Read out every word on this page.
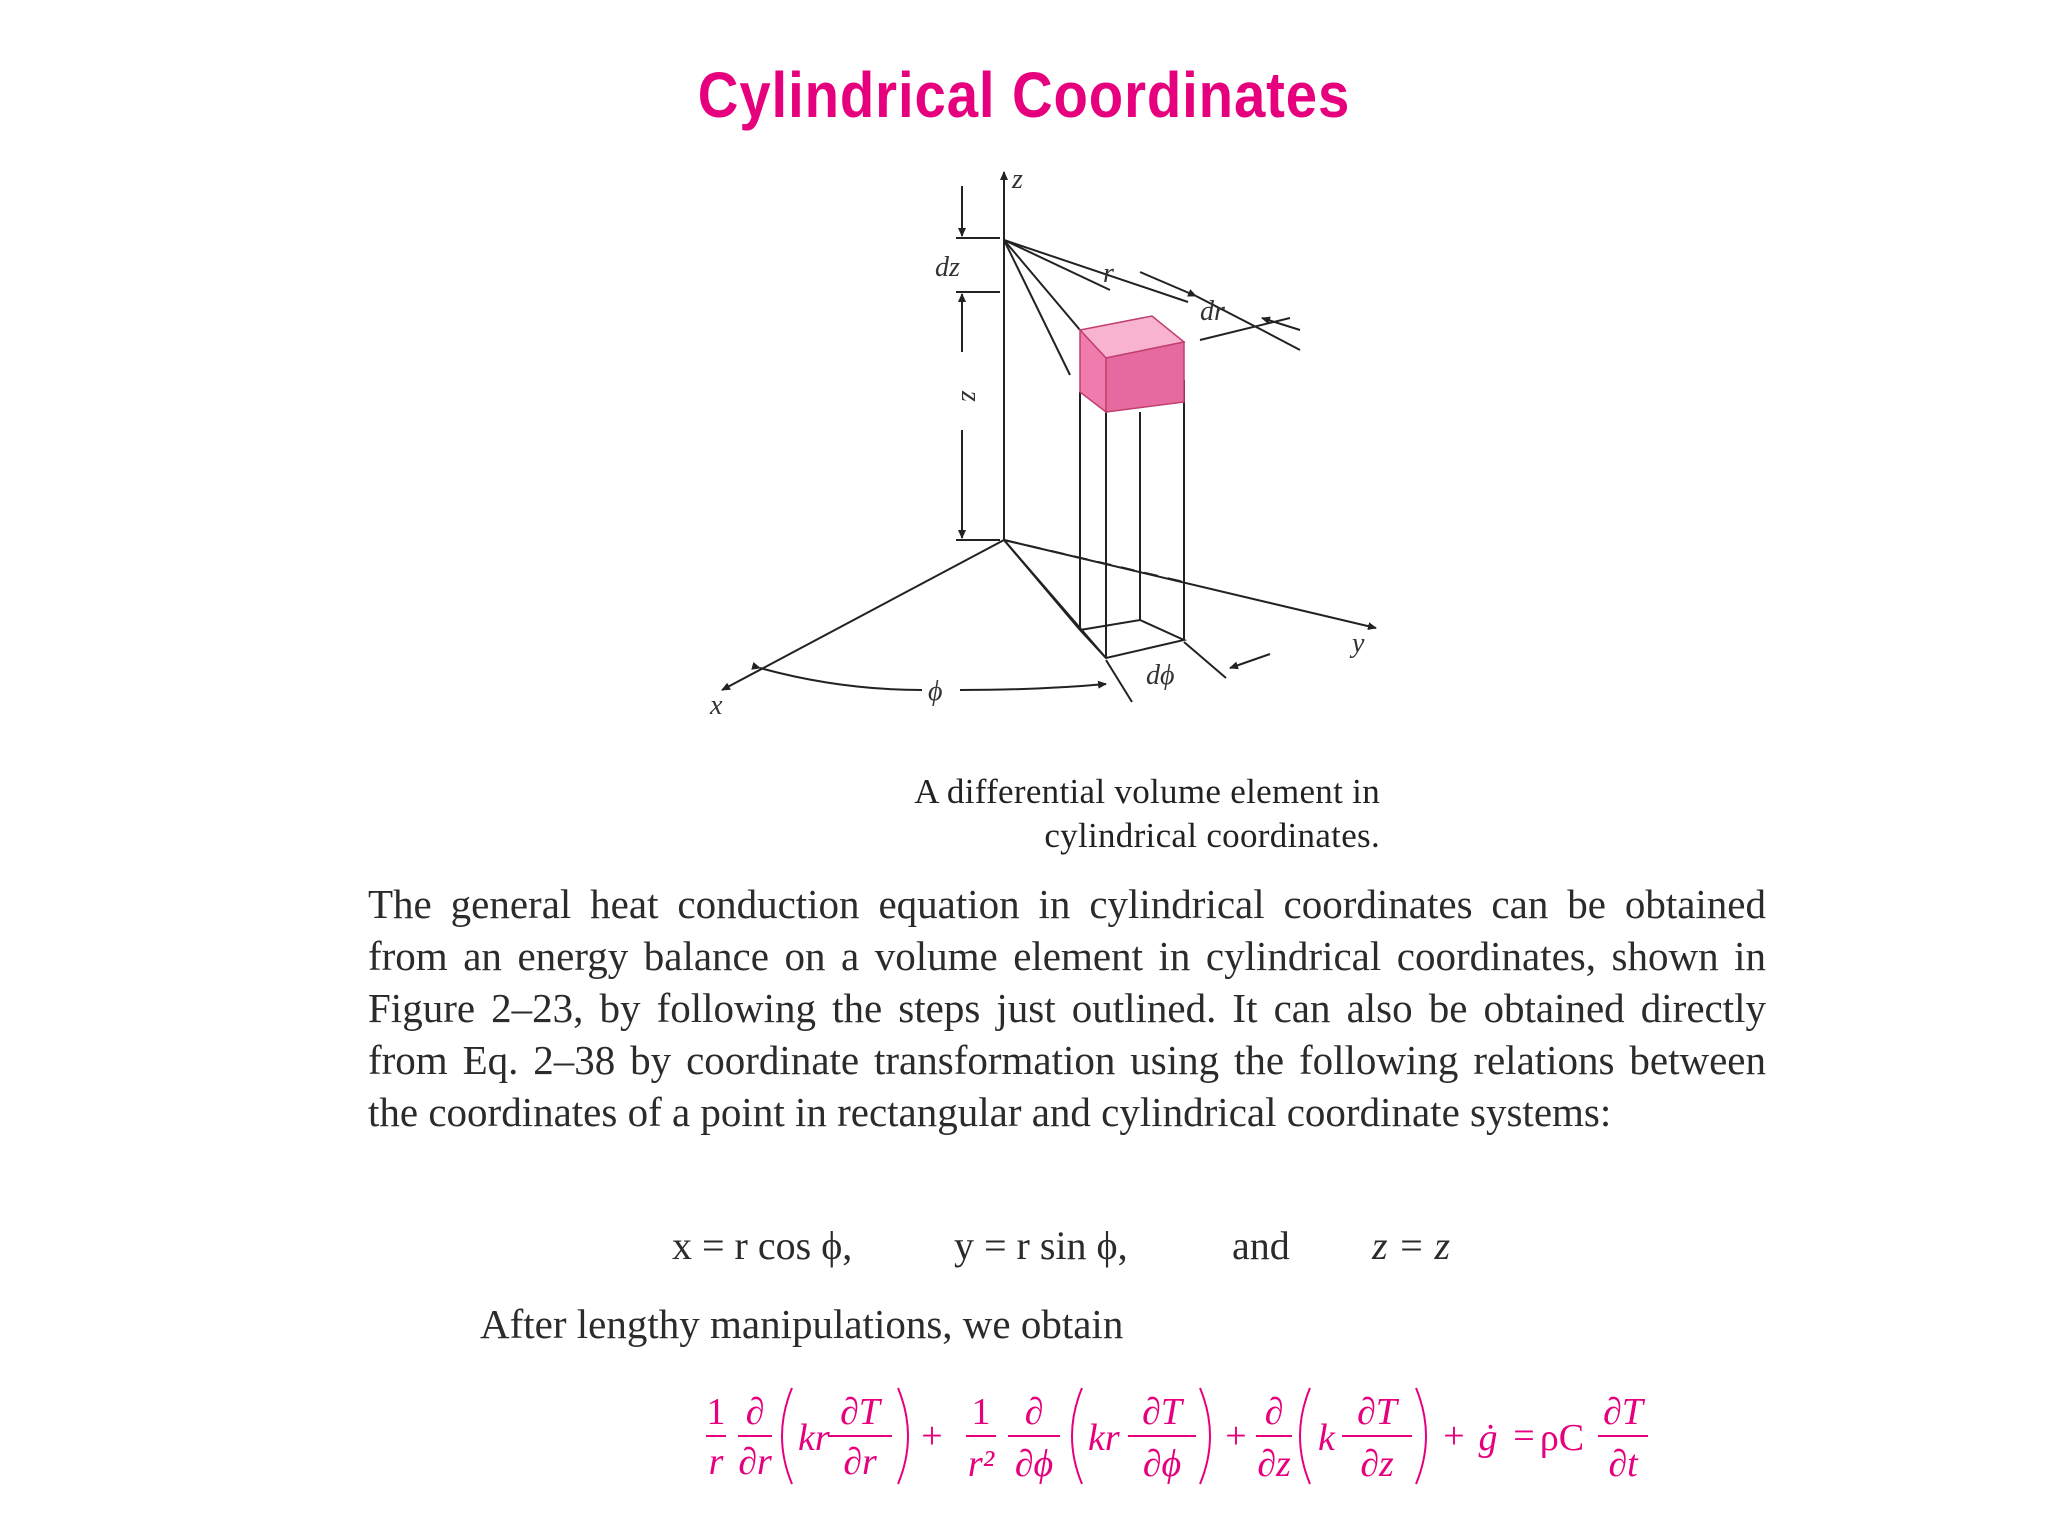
Cylindrical Coordinates
z
dz
z
r
dr
y
x	ϕ
dϕ
A differential volume element in
cylindrical coordinates.
The general heat conduction equation in cylindrical coordinates can be obtained from an energy balance on a volume element in cylindrical coordinates, shown in Figure 2–23, by following the steps just outlined. It can also be obtained directly from Eq. 2–38 by coordinate transformation using the following relations between the coordinates of a point in rectangular and cylindrical coordinate systems:
x = r cos ϕ,	y = r sin ϕ,	and z = z
After lengthy manipulations, we obtain
1
r
∂
∂r
kr
∂T
∂r
+
1
r²
∂
∂ϕ
kr
∂T
∂ϕ
+
∂
∂z
k
∂T
∂z
+ ġ = ρC
∂T
∂t
